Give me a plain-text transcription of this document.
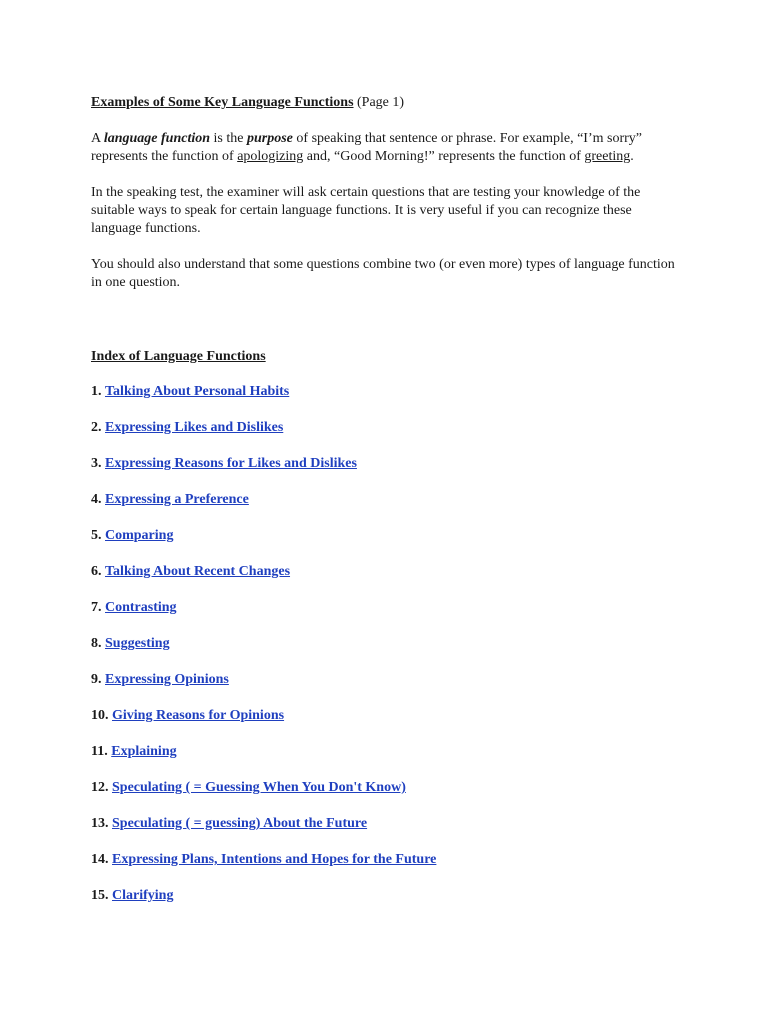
Examples of Some Key Language Functions (Page 1)

A language function is the purpose of speaking that sentence or phrase. For example, “I’m sorry” represents the function of apologizing and, “Good Morning!” represents the function of greeting.

In the speaking test, the examiner will ask certain questions that are testing your knowledge of the suitable ways to speak for certain language functions. It is very useful if you can recognize these language functions.

You should also understand that some questions combine two (or even more) types of language function in one question.

Index of Language Functions

1. Talking About Personal Habits
2. Expressing Likes and Dislikes
3. Expressing Reasons for Likes and Dislikes
4. Expressing a Preference
5. Comparing
6. Talking About Recent Changes
7. Contrasting
8. Suggesting
9. Expressing Opinions
10. Giving Reasons for Opinions
11. Explaining
12. Speculating ( = Guessing When You Don't Know)
13. Speculating ( = guessing) About the Future
14. Expressing Plans, Intentions and Hopes for the Future
15. Clarifying
